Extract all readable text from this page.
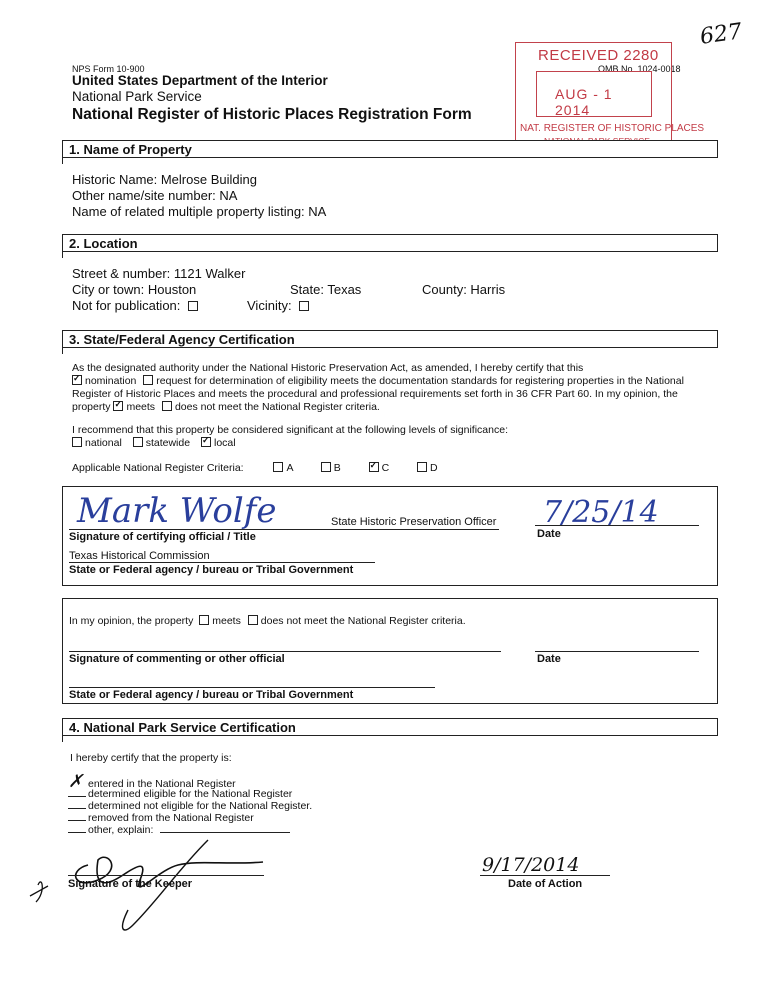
627
NPS Form 10-900
United States Department of the Interior
National Park Service
National Register of Historic Places Registration Form
OMB No. 1024-0018
RECEIVED 2280
AUG - 1 2014
NAT. REGISTER OF HISTORIC PLACES
1. Name of Property
Historic Name: Melrose Building
Other name/site number: NA
Name of related multiple property listing: NA
2. Location
Street & number: 1121 Walker
City or town: Houston	State: Texas	County: Harris
Not for publication:	Vicinity:
3. State/Federal Agency Certification
As the designated authority under the National Historic Preservation Act, as amended, I hereby certify that this
✓nomination request for determination of eligibility meets the documentation standards for registering properties in the National
Register of Historic Places and meets the procedural and professional requirements set forth in 36 CFR Part 60. In my opinion, the
property ✓ meets does not meet the National Register criteria.
I recommend that this property be considered significant at the following levels of significance:
national statewide ✓ local
Applicable National Register Criteria:	A	B ✓	C	D
Mark Wolfe	State Historic Preservation Officer
Signature of certifying official / Title
7/25/14
Date
Texas Historical Commission
State or Federal agency / bureau or Tribal Government
In my opinion, the property meets does not meet the National Register criteria.
Signature of commenting or other official	Date
State or Federal agency / bureau or Tribal Government
4. National Park Service Certification
I hereby certify that the property is:
✗ entered in the National Register
determined eligible for the National Register
determined not eligible for the National Register.
removed from the National Register
other, explain:
Signature of the Keeper
9/17/2014
Date of Action
